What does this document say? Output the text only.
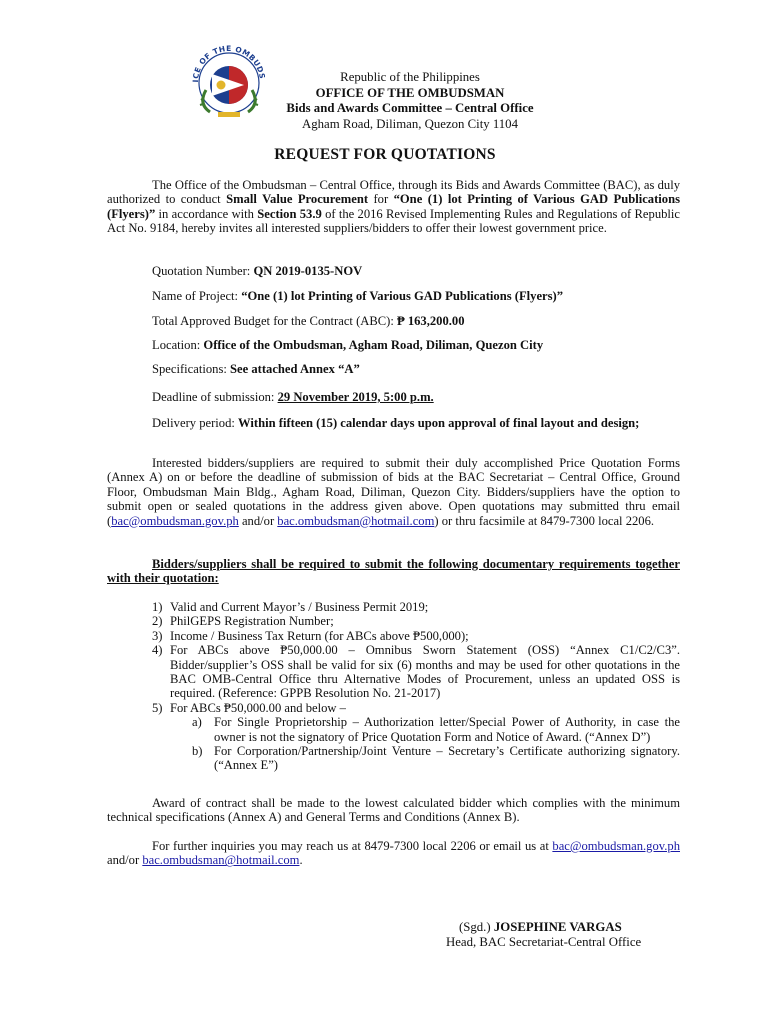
ICE OF THE OMBUDS	Republic of the Philippines
OFFICE OF THE OMBUDSMAN
Bids and Awards Committee – Central Office
Agham Road, Diliman, Quezon City 1104
REQUEST FOR QUOTATIONS
The Office of the Ombudsman – Central Office, through its Bids and Awards Committee (BAC), as duly authorized to conduct Small Value Procurement for “One (1) lot Printing of Various GAD Publications (Flyers)” in accordance with Section 53.9 of the 2016 Revised Implementing Rules and Regulations of Republic Act No. 9184, hereby invites all interested suppliers/bidders to offer their lowest government price.
Quotation Number: QN 2019-0135-NOV
Name of Project: “One (1) lot Printing of Various GAD Publications (Flyers)”
Total Approved Budget for the Contract (ABC): ₱ 163,200.00
Location: Office of the Ombudsman, Agham Road, Diliman, Quezon City
Specifications: See attached Annex “A”
Deadline of submission: 29 November 2019, 5:00 p.m.
Delivery period: Within fifteen (15) calendar days upon approval of final layout and design;
Interested bidders/suppliers are required to submit their duly accomplished Price Quotation Forms (Annex A) on or before the deadline of submission of bids at the BAC Secretariat – Central Office, Ground Floor, Ombudsman Main Bldg., Agham Road, Diliman, Quezon City. Bidders/suppliers have the option to submit open or sealed quotations in the address given above. Open quotations may submitted thru email (bac@ombudsman.gov.ph and/or bac.ombudsman@hotmail.com) or thru facsimile at 8479-7300 local 2206.
Bidders/suppliers shall be required to submit the following documentary requirements together with their quotation:
1) Valid and Current Mayor’s / Business Permit 2019;
2) PhilGEPS Registration Number;
3) Income / Business Tax Return (for ABCs above ₱500,000);
4) For ABCs above ₱50,000.00 – Omnibus Sworn Statement (OSS) “Annex C1/C2/C3”. Bidder/supplier’s OSS shall be valid for six (6) months and may be used for other quotations in the BAC OMB-Central Office thru Alternative Modes of Procurement, unless an updated OSS is required. (Reference: GPPB Resolution No. 21-2017)
5) For ABCs ₱50,000.00 and below –
a) For Single Proprietorship – Authorization letter/Special Power of Authority, in case the owner is not the signatory of Price Quotation Form and Notice of Award. (“Annex D”)
b) For Corporation/Partnership/Joint Venture – Secretary’s Certificate authorizing signatory. (“Annex E”)
Award of contract shall be made to the lowest calculated bidder which complies with the minimum technical specifications (Annex A) and General Terms and Conditions (Annex B).
For further inquiries you may reach us at 8479-7300 local 2206 or email us at bac@ombudsman.gov.ph and/or bac.ombudsman@hotmail.com.
(Sgd.) JOSEPHINE VARGAS
Head, BAC Secretariat-Central Office
